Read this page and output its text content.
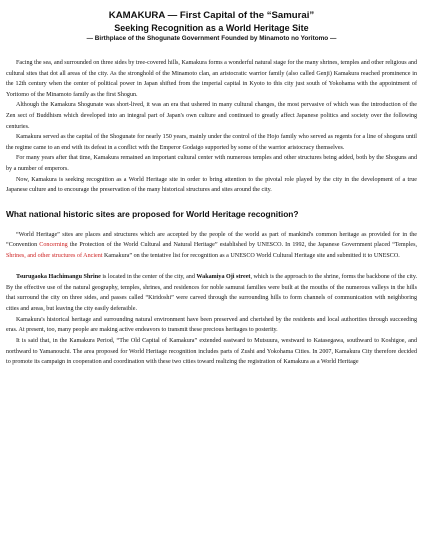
KAMAKURA — First Capital of the “Samurai”
Seeking Recognition as a World Heritage Site
— Birthplace of the Shogunate Government Founded by Minamoto no Yoritomo —

Facing the sea, and surrounded on three sides by tree-covered hills, Kamakura forms a wonderful natural stage for the many shrines, temples and other religious and cultural sites that dot all areas of the city. As the stronghold of the Minamoto clan, an aristocratic warrior family (also called Genji) Kamakura reached prominence in the 12th century when the center of political power in Japan shifted from the imperial capital in Kyoto to this city just south of Yokohama with the appointment of Yoritomo of the Minamoto family as the first Shogun.

Although the Kamakura Shogunate was short-lived, it was an era that ushered in many cultural changes, the most pervasive of which was the introduction of the Zen sect of Buddhism which developed into an integral part of Japan's own culture and continued to greatly affect Japanese politics and society over the following centuries.

Kamakura served as the capital of the Shogunate for nearly 150 years, mainly under the control of the Hojo family who served as regents for a line of shoguns until the regime came to an end with its defeat in a conflict with the Emperor Godaigo supported by some of the warrior aristocracy themselves.

For many years after that time, Kamakura remained an important cultural center with numerous temples and other structures being added, both by the Shoguns and by a number of emperors.

Now, Kamakura is seeking recognition as a World Heritage site in order to bring attention to the pivotal role played by the city in the development of a true Japanese culture and to encourage the preservation of the many historical structures and sites around the city.

What national historic sites are proposed for World Heritage recognition?

“World Heritage” sites are places and structures which are accepted by the people of the world as part of mankind's common heritage as provided for in the “Convention Concerning the Protection of the World Cultural and Natural Heritage” established by UNESCO. In 1992, the Japanese Government placed “Temples, Shrines, and other structures of Ancient Kamakura” on the tentative list for recognition as a UNESCO World Cultural Heritage site and submitted it to UNESCO.

Tsurugaoka Hachimangu Shrine is located in the center of the city, and Wakamiya Oji street, which is the approach to the shrine, forms the backbone of the city. By the effective use of the natural geography, temples, shrines, and residences for noble samurai families were built at the mouths of the numerous valleys in the hills that surround the city on three sides, and passes called “Kiridoshi” were carved through the surrounding hills to form channels of communication with neighboring cities and areas, but leaving the city easily defensible.

Kamakura's historical heritage and surrounding natural environment have been preserved and cherished by the residents and local authorities through succeeding eras. At present, too, many people are making active endeavors to transmit these precious heritages to posterity.

It is said that, in the Kamakura Period, “The Old Capital of Kamakura” extended eastward to Mutsuura, westward to Katasegawa, southward to Koshigoe, and northward to Yamanouchi. The area proposed for World Heritage recognition includes parts of Zushi and Yokohama Cities. In 2007, Kamakura City therefore decided to promote its campaign in cooperation and coordination with these two cities toward realizing the registration of Kamakura as a World Heritage
